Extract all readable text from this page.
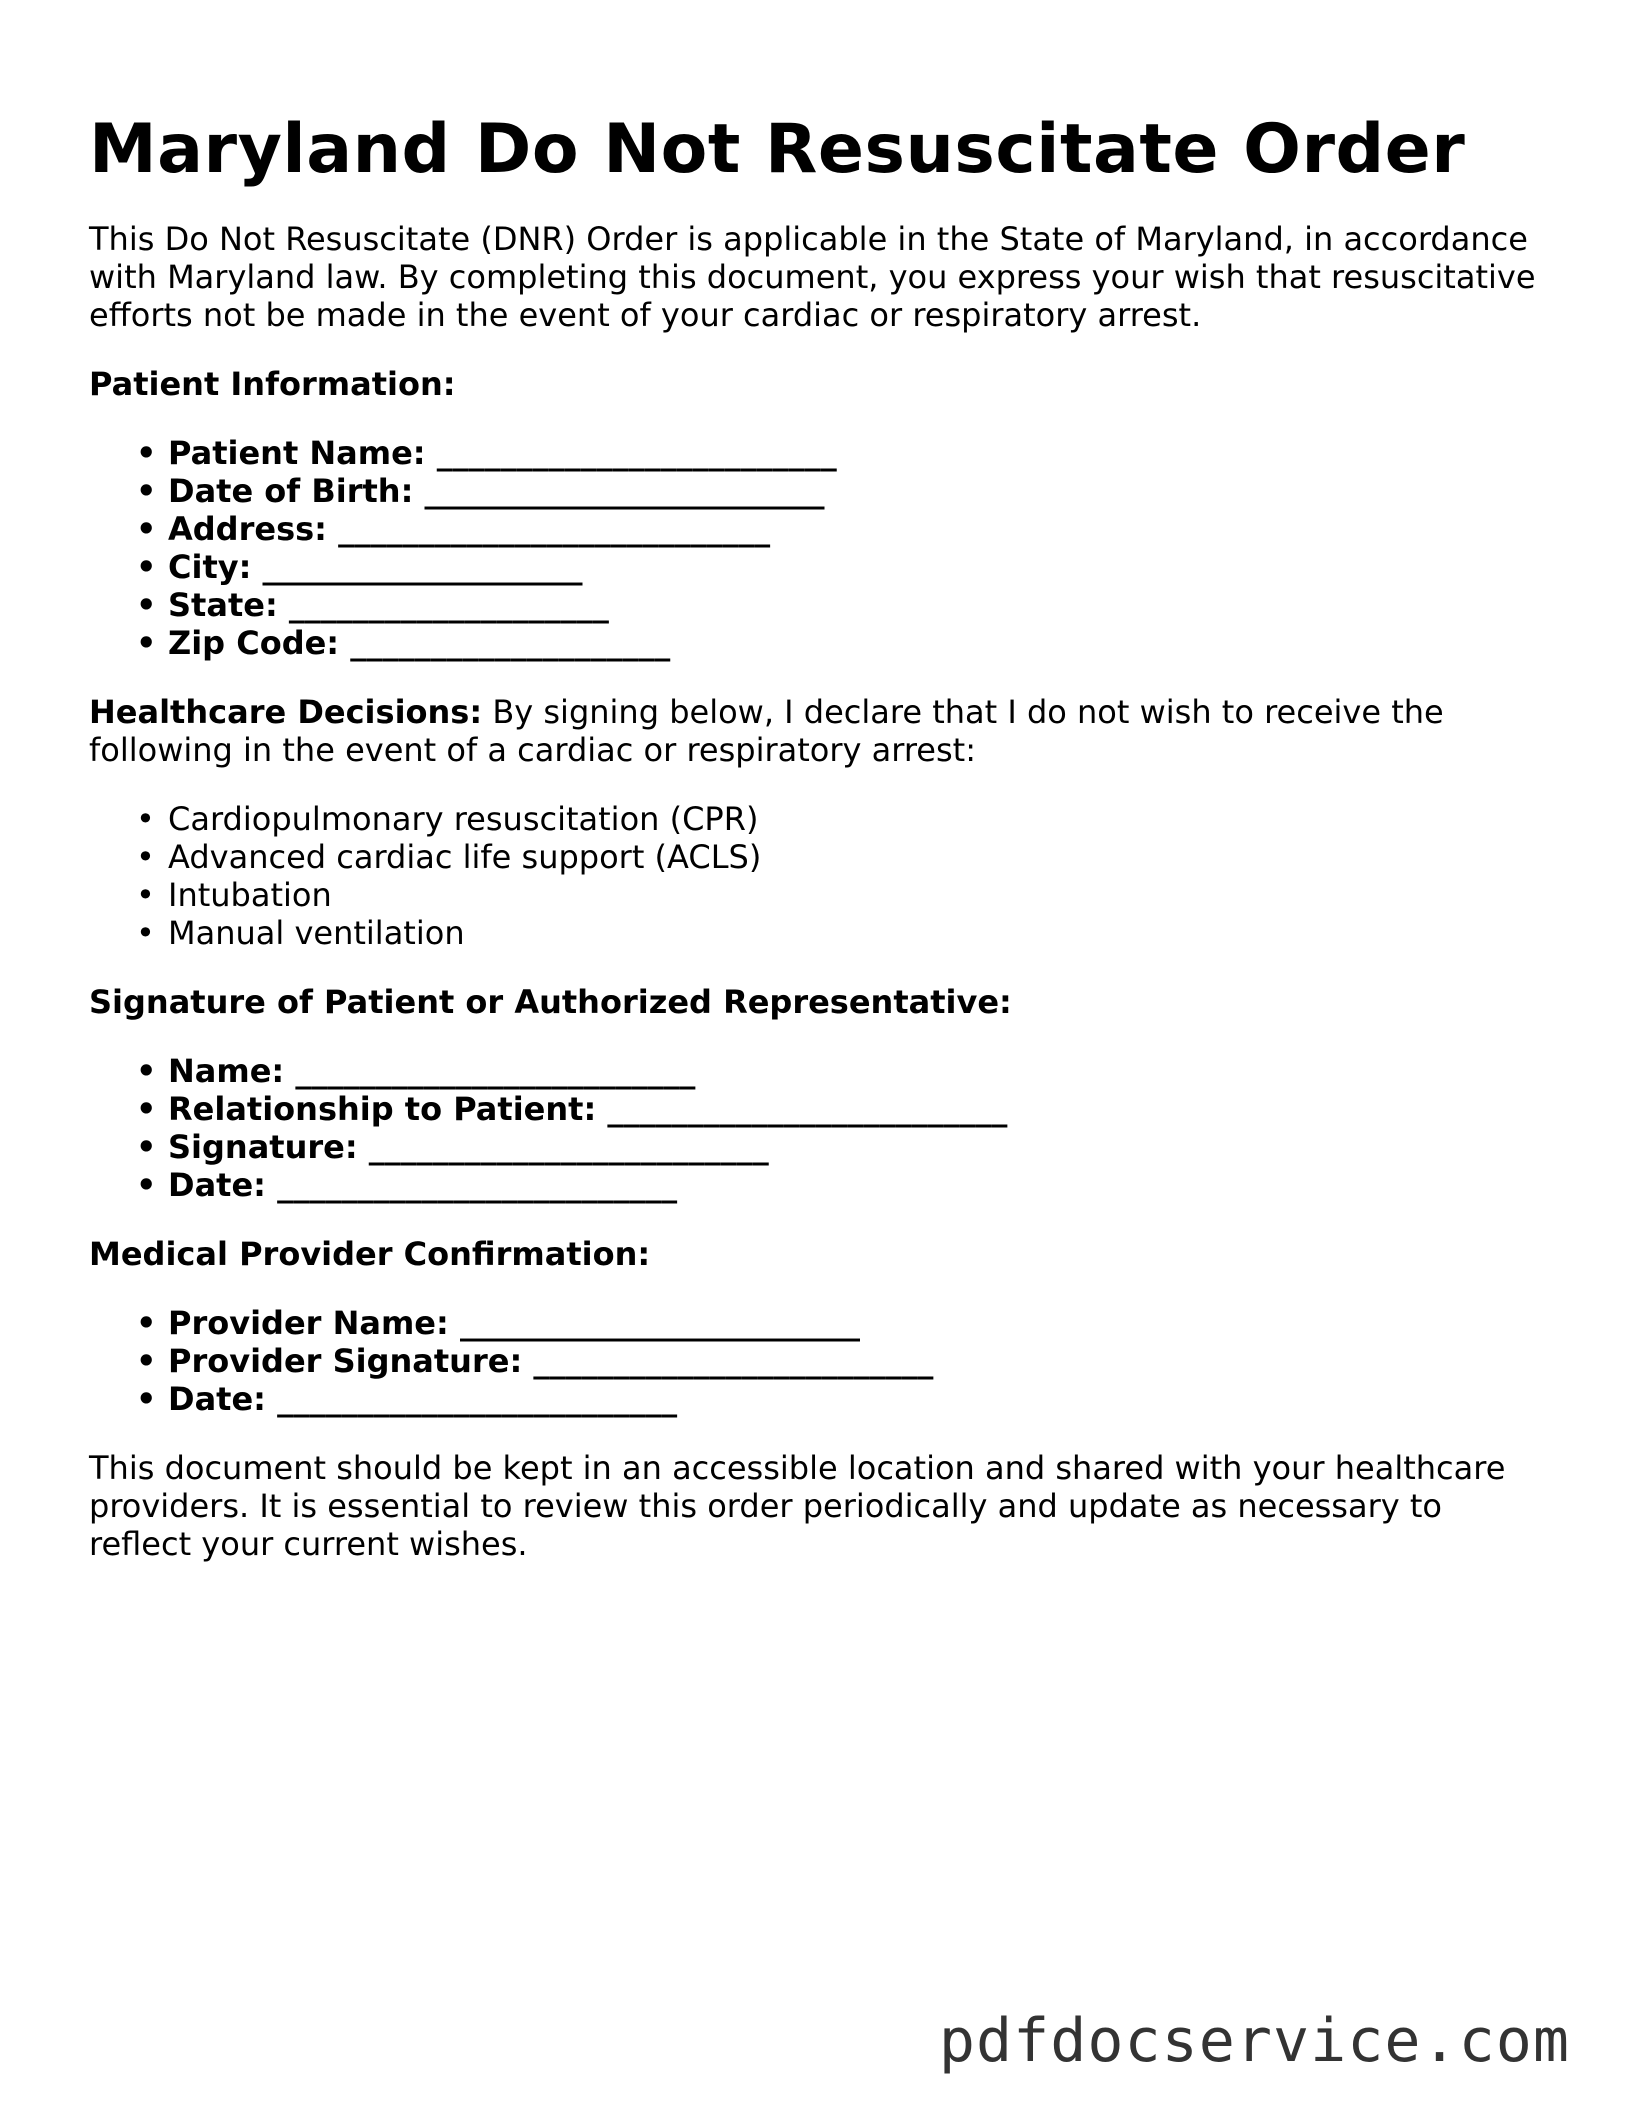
Maryland Do Not Resuscitate Order

This Do Not Resuscitate (DNR) Order is applicable in the State of Maryland, in accordance with Maryland law. By completing this document, you express your wish that resuscitative efforts not be made in the event of your cardiac or respiratory arrest.

Patient Information:

• Patient Name: _________________________
• Date of Birth: _________________________
• Address: ___________________________
• City: ____________________
• State: ____________________
• Zip Code: ____________________

Healthcare Decisions: By signing below, I declare that I do not wish to receive the following in the event of a cardiac or respiratory arrest:

• Cardiopulmonary resuscitation (CPR)
• Advanced cardiac life support (ACLS)
• Intubation
• Manual ventilation

Signature of Patient or Authorized Representative:

• Name: _________________________
• Relationship to Patient: _________________________
• Signature: _________________________
• Date: _________________________

Medical Provider Confirmation:

• Provider Name: _________________________
• Provider Signature: _________________________
• Date: _________________________

This document should be kept in an accessible location and shared with your healthcare providers. It is essential to review this order periodically and update as necessary to reflect your current wishes.

pdfdocservice.com
